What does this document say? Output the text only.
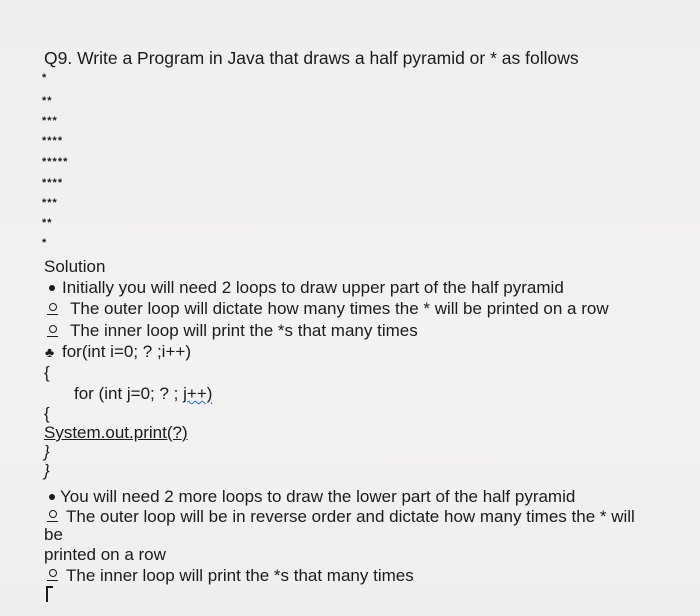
Q9. Write a Program in Java that draws a half pyramid or * as follows
*
**
***
****
*****
****
***
**
*
Solution
Initially you will need 2 loops to draw upper part of the half pyramid
The outer loop will dictate how many times the * will be printed on a row
The inner loop will print the *s that many times
♣ for(int i=0; ? ;i++)
{
for (int j=0; ? ; j++)
{
System.out.print(?)
}
}
You will need 2 more loops to draw the lower part of the half pyramid
The outer loop will be in reverse order and dictate how many times the * will
be
printed on a row
The inner loop will print the *s that many times
